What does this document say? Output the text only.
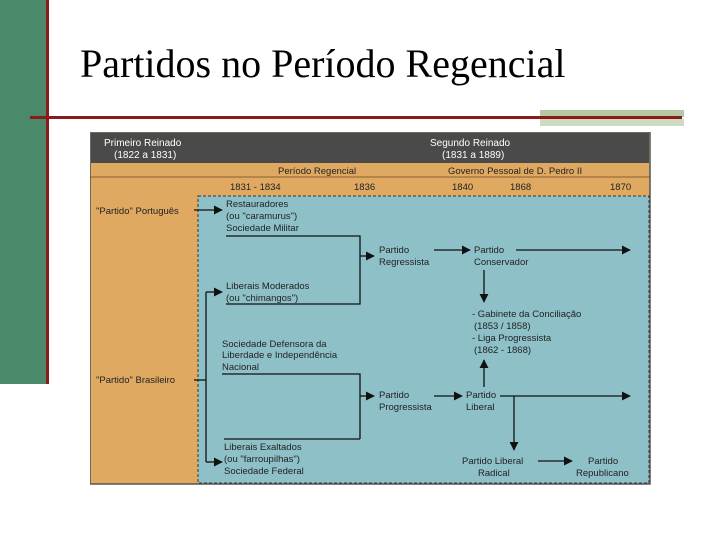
Partidos no Período Regencial
Primeiro Reinado
(1822 a 1831)
Segundo Reinado
(1831 a 1889)
Período Regencial	Governo Pessoal de D. Pedro II
1831 - 1834	1836	1840	1868	1870
"Partido" Português
"Partido" Brasileiro
Restauradores
(ou "caramurus")
Sociedade Militar
Liberais Moderados
(ou "chimangos")
Sociedade Defensora da
Liberdade e Independência
Nacional
Liberais Exaltados
(ou "farroupilhas")
Sociedade Federal
Partido
Regressista
Partido
Conservador
- Gabinete da Conciliação
(1853 / 1858)
- Liga Progressista
(1862 - 1868)
Partido
Progressista
Partido
Liberal
Partido Liberal
Radical
Partido
Republicano
